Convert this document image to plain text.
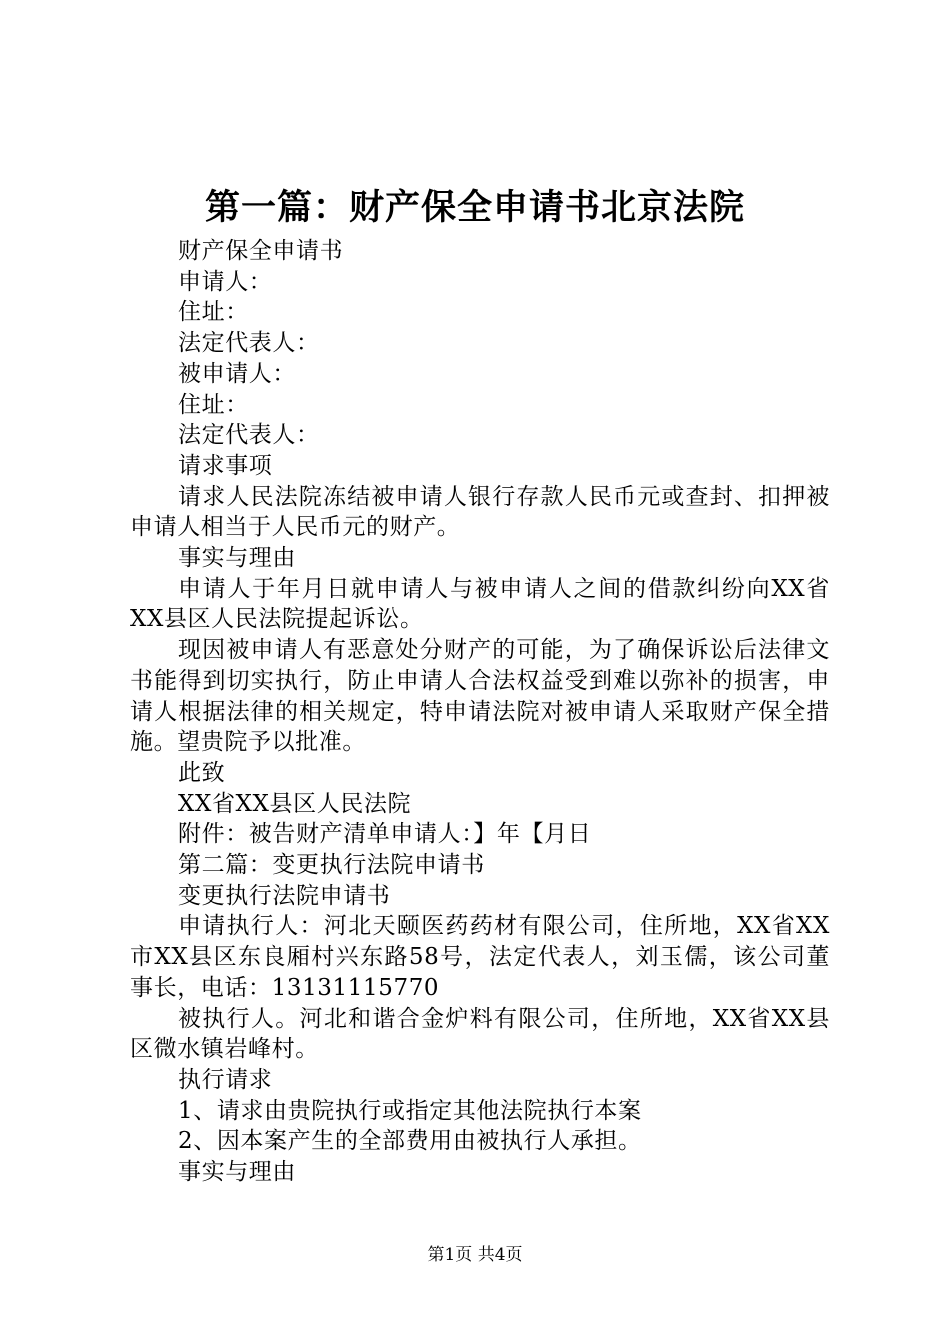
第一篇：财产保全申请书北京法院

财产保全申请书

申请人：

住址：

法定代表人：

被申请人：

住址：

法定代表人：

请求事项

请求人民法院冻结被申请人银行存款人民币元或查封、扣押被申请人相当于人民币元的财产。

事实与理由

申请人于年月日就申请人与被申请人之间的借款纠纷向XX省XX县区人民法院提起诉讼。

现因被申请人有恶意处分财产的可能，为了确保诉讼后法律文书能得到切实执行，防止申请人合法权益受到难以弥补的损害，申请人根据法律的相关规定，特申请法院对被申请人采取财产保全措施。望贵院予以批准。

此致

XX省XX县区人民法院

附件：被告财产清单申请人：】年【月日

第二篇：变更执行法院申请书

变更执行法院申请书

申请执行人：河北天颐医药药材有限公司，住所地，XX省XX市XX县区东良厢村兴东路58号，法定代表人，刘玉儒，该公司董事长，电话：13131115770

被执行人。河北和谐合金炉料有限公司，住所地，XX省XX县区微水镇岩峰村。

执行请求

1、请求由贵院执行或指定其他法院执行本案

2、因本案产生的全部费用由被执行人承担。

事实与理由

第1页 共4页
